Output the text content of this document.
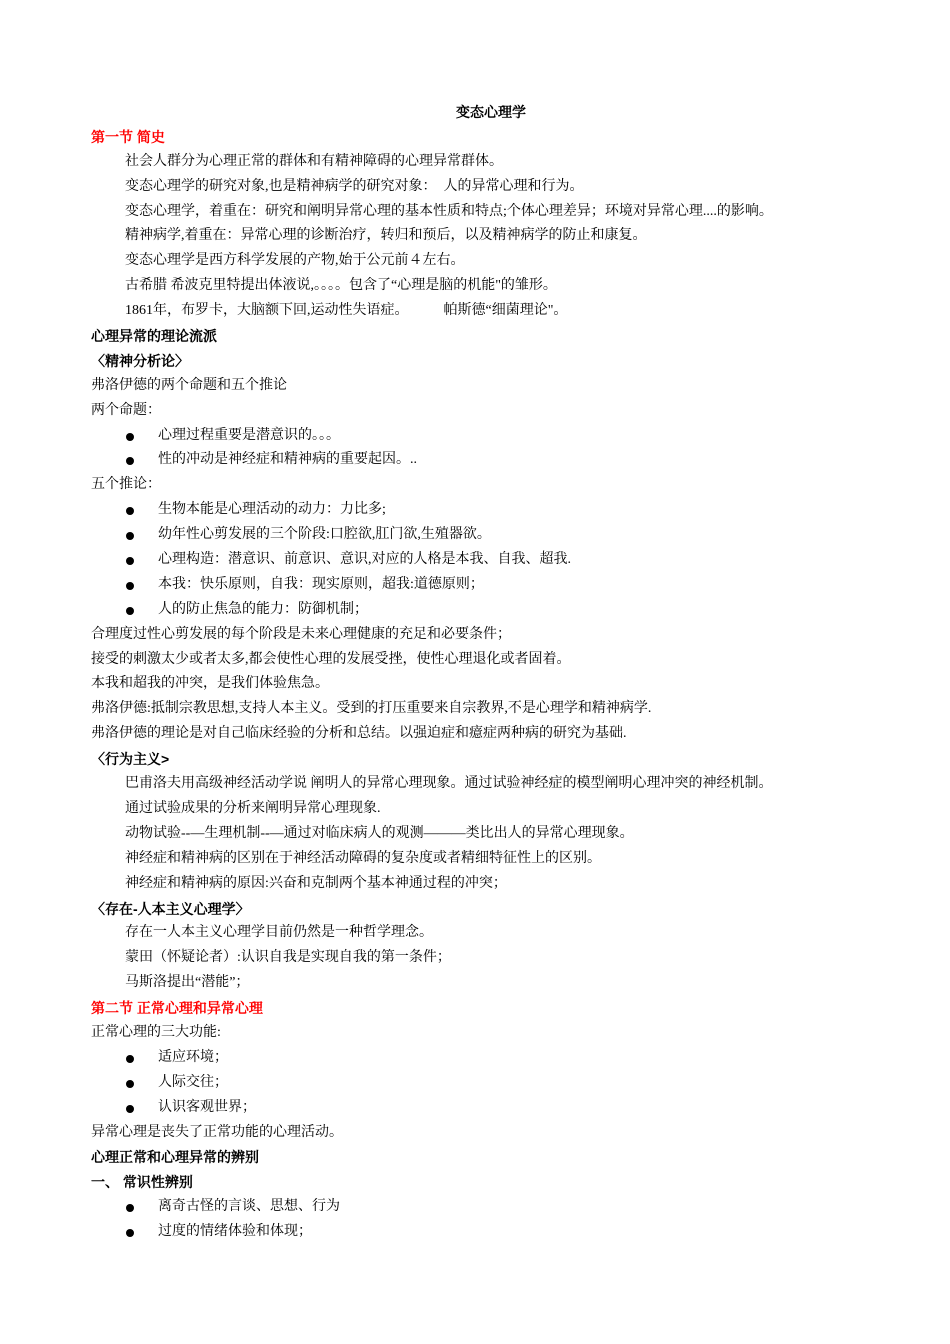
变态心理学
第一节 简史
社会人群分为心理正常的群体和有精神障碍的心理异常群体。
变态心理学的研究对象,也是精神病学的研究对象：　人的异常心理和行为。
变态心理学，着重在：研究和阐明异常心理的基本性质和特点;个体心理差异；环境对异常心理....的影响。
精神病学,着重在：异常心理的诊断治疗，转归和预后，以及精神病学的防止和康复。
变态心理学是西方科学发展的产物,始于公元前４左右。
古希腊 希波克里特提出体液说,。。。。包含了“心理是脑的机能"的雏形。
1861年，布罗卡，大脑额下回,运动性失语症。　　　帕斯德“细菌理论"。
心理异常的理论流派
〈精神分析论〉
弗洛伊德的两个命题和五个推论
两个命题：
心理过程重要是潜意识的。。。
性的冲动是神经症和精神病的重要起因。..
五个推论：
生物本能是心理活动的动力：力比多;
幼年性心剪发展的三个阶段:口腔欲,肛门欲,生殖器欲。
心理构造：潜意识、前意识、意识,对应的人格是本我、自我、超我.
本我：快乐原则，自我：现实原则，超我:道德原则；
人的防止焦急的能力：防御机制；
合理度过性心剪发展的每个阶段是未来心理健康的充足和必要条件；
接受的刺激太少或者太多,都会使性心理的发展受挫，使性心理退化或者固着。
本我和超我的冲突，是我们体验焦急。
弗洛伊德:抵制宗教思想,支持人本主义。受到的打压重要来自宗教界,不是心理学和精神病学.
弗洛伊德的理论是对自己临床经验的分析和总结。以强迫症和癔症两种病的研究为基础.
〈行为主义>
巴甫洛夫用高级神经活动学说 阐明人的异常心理现象。通过试验神经症的模型阐明心理冲突的神经机制。
通过试验成果的分析来阐明异常心理现象.
动物试验--—生理机制--—通过对临床病人的观测———类比出人的异常心理现象。
神经症和精神病的区别在于神经活动障碍的复杂度或者精细特征性上的区别。
神经症和精神病的原因:兴奋和克制两个基本神通过程的冲突；
〈存在-人本主义心理学〉
存在一人本主义心理学目前仍然是一种哲学理念。
蒙田（怀疑论者）:认识自我是实现自我的第一条件；
马斯洛提出“潜能”；
第二节 正常心理和异常心理
正常心理的三大功能:
适应环境；
人际交往；
认识客观世界；
异常心理是丧失了正常功能的心理活动。
心理正常和心理异常的辨别
一、 常识性辨别
离奇古怪的言谈、思想、行为
过度的情绪体验和体现；
